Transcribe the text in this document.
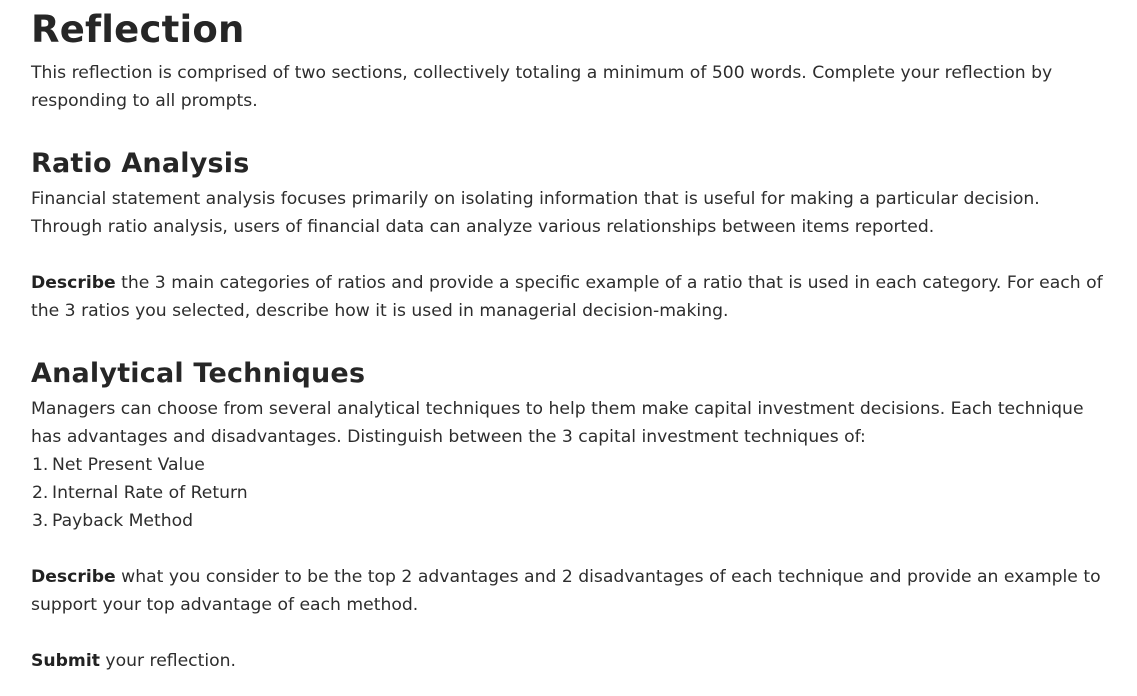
Reflection

This reflection is comprised of two sections, collectively totaling a minimum of 500 words. Complete your reflection by responding to all prompts.

Ratio Analysis

Financial statement analysis focuses primarily on isolating information that is useful for making a particular decision. Through ratio analysis, users of financial data can analyze various relationships between items reported.

Describe the 3 main categories of ratios and provide a specific example of a ratio that is used in each category. For each of the 3 ratios you selected, describe how it is used in managerial decision-making.

Analytical Techniques

Managers can choose from several analytical techniques to help them make capital investment decisions. Each technique has advantages and disadvantages. Distinguish between the 3 capital investment techniques of:

1. Net Present Value
2. Internal Rate of Return
3. Payback Method

Describe what you consider to be the top 2 advantages and 2 disadvantages of each technique and provide an example to support your top advantage of each method.

Submit your reflection.
